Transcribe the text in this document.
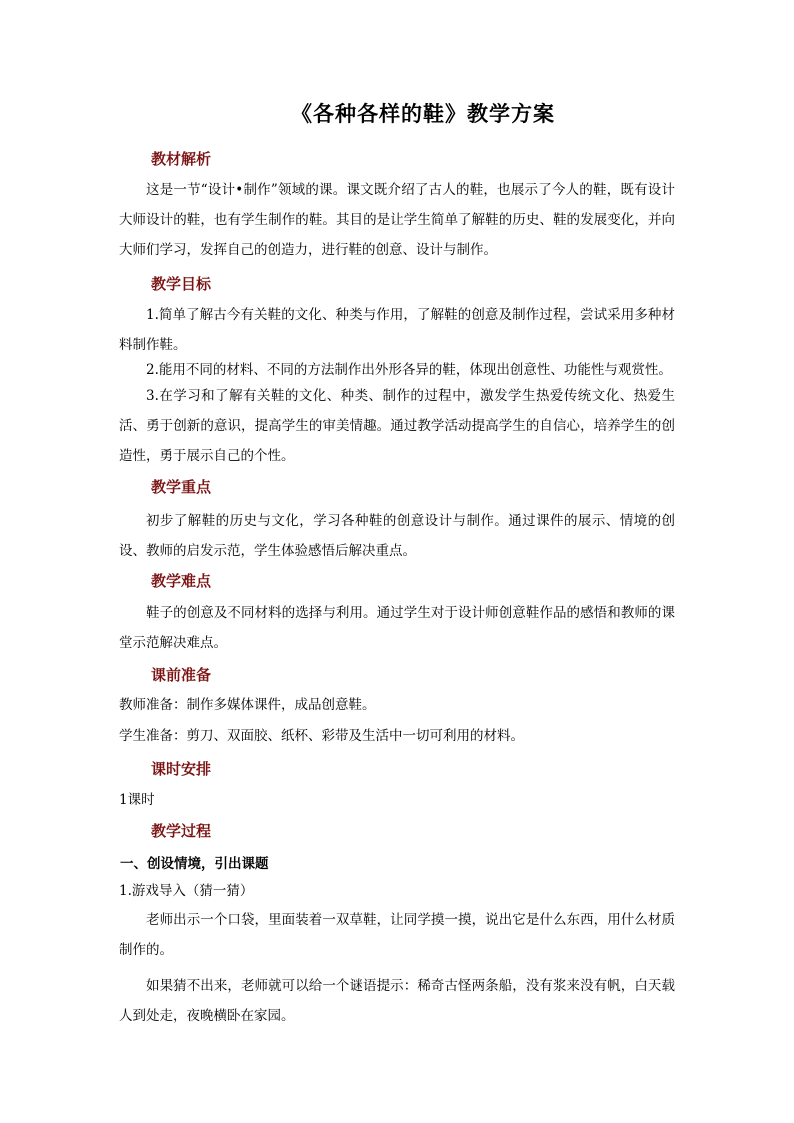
《各种各样的鞋》教学方案
教材解析
这是一节“设计•制作”领域的课。课文既介绍了古人的鞋，也展示了今人的鞋，既有设计大师设计的鞋，也有学生制作的鞋。其目的是让学生简单了解鞋的历史、鞋的发展变化，并向大师们学习，发挥自己的创造力，进行鞋的创意、设计与制作。
教学目标
1.简单了解古今有关鞋的文化、种类与作用，了解鞋的创意及制作过程，尝试采用多种材料制作鞋。
2.能用不同的材料、不同的方法制作出外形各异的鞋，体现出创意性、功能性与观赏性。
3.在学习和了解有关鞋的文化、种类、制作的过程中，激发学生热爱传统文化、热爱生活、勇于创新的意识，提高学生的审美情趣。通过教学活动提高学生的自信心，培养学生的创造性，勇于展示自己的个性。
教学重点
初步了解鞋的历史与文化，学习各种鞋的创意设计与制作。通过课件的展示、情境的创设、教师的启发示范，学生体验感悟后解决重点。
教学难点
鞋子的创意及不同材料的选择与利用。通过学生对于设计师创意鞋作品的感悟和教师的课堂示范解决难点。
课前准备
教师准备：制作多媒体课件，成品创意鞋。
学生准备：剪刀、双面胶、纸杯、彩带及生活中一切可利用的材料。
课时安排
1课时
教学过程
一、创设情境，引出课题
1.游戏导入（猜一猜）
老师出示一个口袋，里面装着一双草鞋，让同学摸一摸，说出它是什么东西，用什么材质制作的。
如果猜不出来，老师就可以给一个谜语提示：稀奇古怪两条船，没有浆来没有帆，白天载人到处走，夜晚横卧在家园。
